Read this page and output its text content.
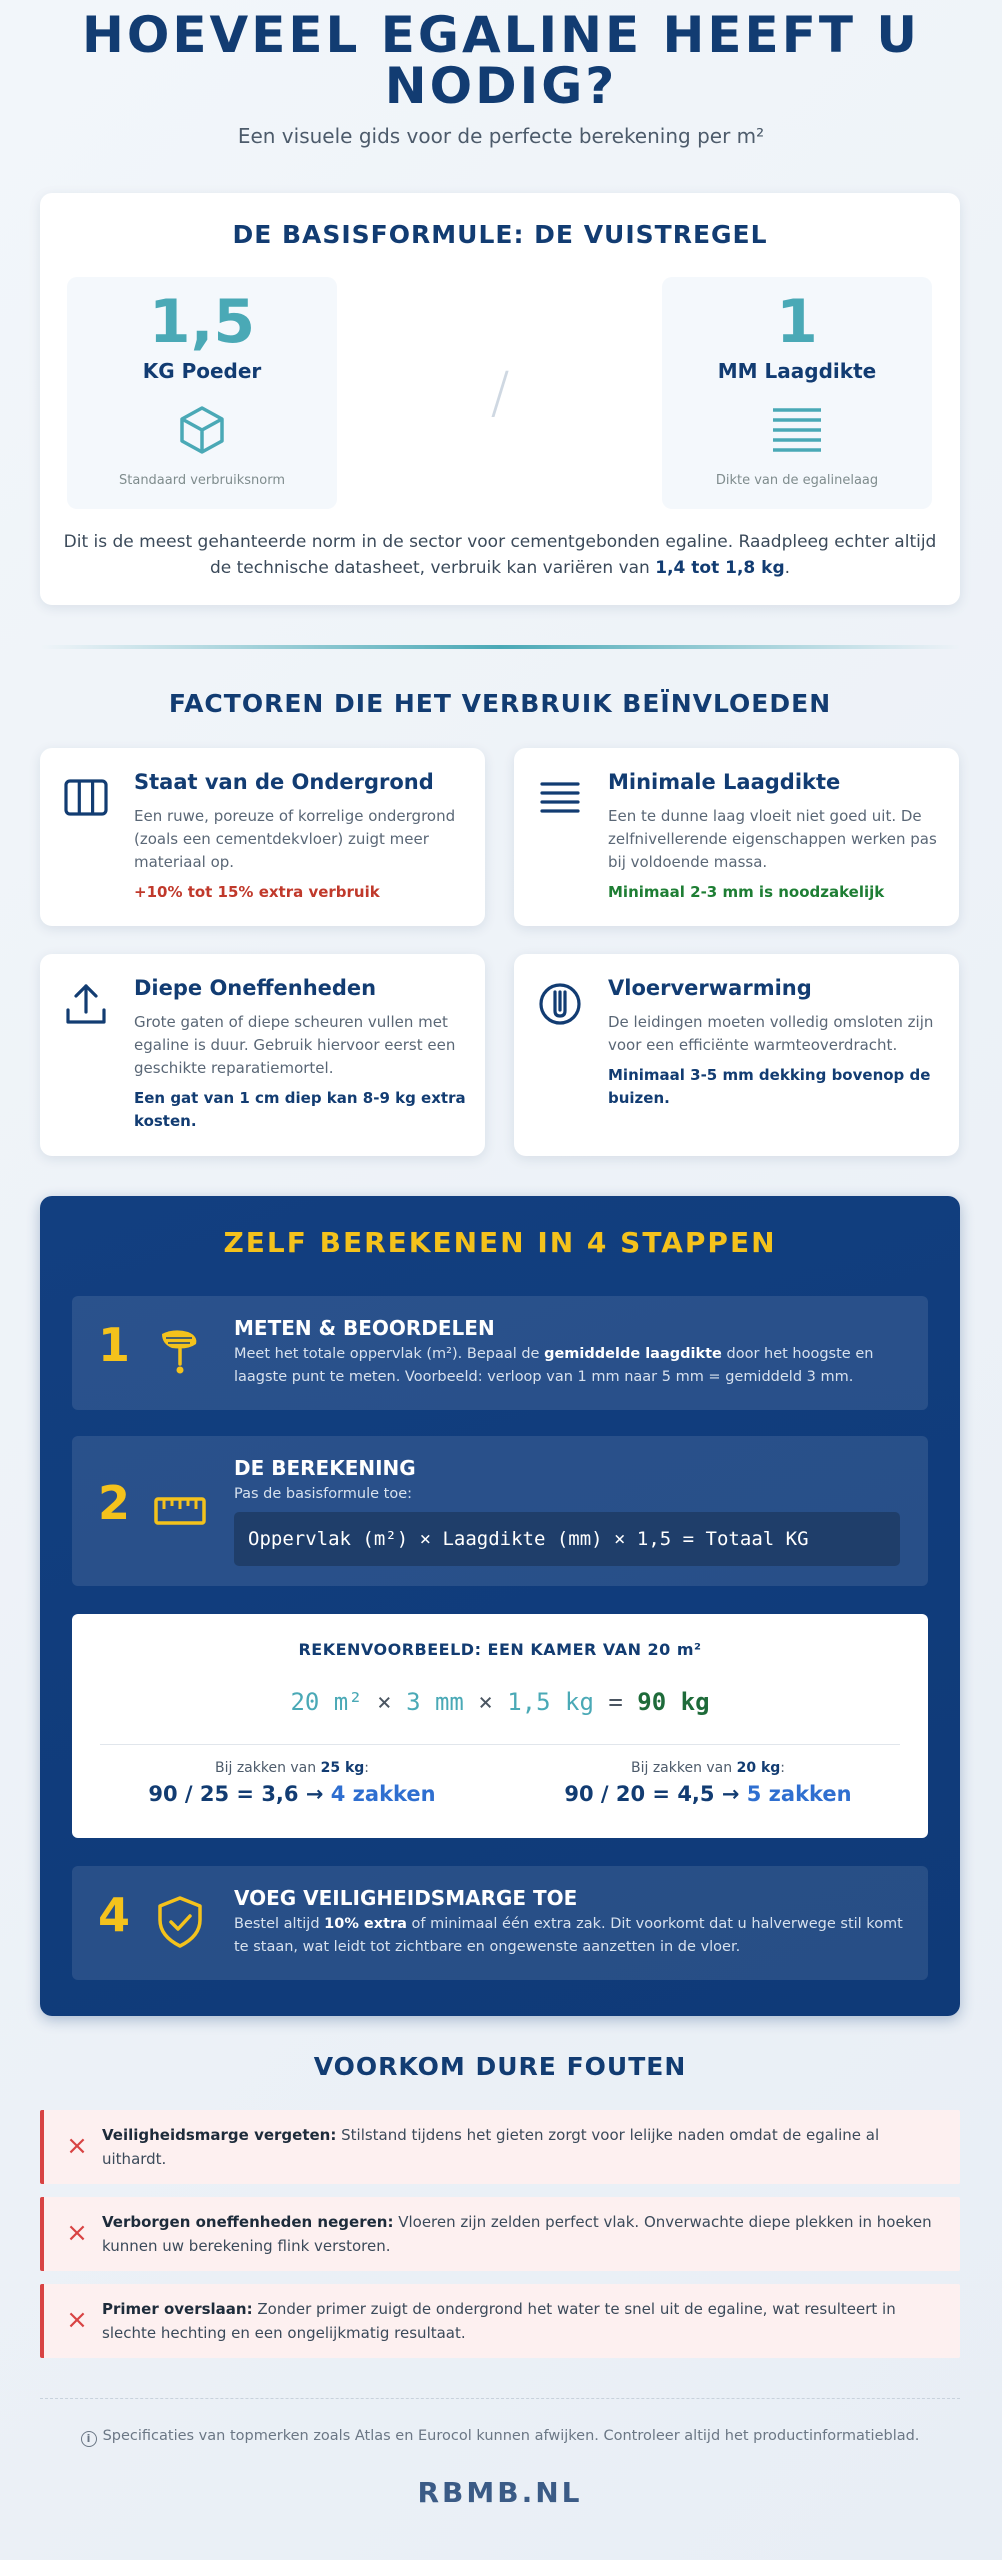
HOEVEEL EGALINE HEEFT U NODIG?
Een visuele gids voor de perfecte berekening per m²
DE BASISFORMULE: DE VUISTREGEL
1,5
KG Poeder
Standaard verbruiksnorm
/
1
MM Laagdikte
Dikte van de egalinelaag

Dit is de meest gehanteerde norm in de sector voor cementgebonden egaline. Raadpleeg echter altijd de technische datasheet, verbruik kan variëren van 1,4 tot 1,8 kg.

FACTOREN DIE HET VERBRUIK BEÏNVLOEDEN
Staat van de Ondergrond
Een ruwe, poreuze of korrelige ondergrond (zoals een cementdekvloer) zuigt meer materiaal op.
+10% tot 15% extra verbruik
Minimale Laagdikte
Een te dunne laag vloeit niet goed uit. De zelfnivellerende eigenschappen werken pas bij voldoende massa.
Minimaal 2-3 mm is noodzakelijk
Diepe Oneffenheden
Grote gaten of diepe scheuren vullen met egaline is duur. Gebruik hiervoor eerst een geschikte reparatiemortel.
Een gat van 1 cm diep kan 8-9 kg extra kosten.
Vloerverwarming
De leidingen moeten volledig omsloten zijn voor een efficiënte warmteoverdracht.
Minimaal 3-5 mm dekking bovenop de buizen.
ZELF BEREKENEN IN 4 STAPPEN
1	METEN & BEOORDELEN
Meet het totale oppervlak (m²). Bepaal de gemiddelde laagdikte door het hoogste en laagste punt te meten. Voorbeeld: verloop van 1 mm naar 5 mm = gemiddeld 3 mm.
2
DE BEREKENING
Pas de basisformule toe:
Oppervlak (m²) × Laagdikte (mm) × 1,5 = Totaal KG
REKENVOORBEELD: EEN KAMER VAN 20 m²
20 m² × 3 mm × 1,5 kg = 90 kg
Bij zakken van 25 kg:
90 / 25 = 3,6 → 4 zakken
Bij zakken van 20 kg:
90 / 20 = 4,5 → 5 zakken
4	VOEG VEILIGHEIDSMARGE TOE
Bestel altijd 10% extra of minimaal één extra zak. Dit voorkomt dat u halverwege stil komt te staan, wat leidt tot zichtbare en ongewenste aanzetten in de vloer.
VOORKOM DURE FOUTEN
× Veiligheidsmarge vergeten: Stilstand tijdens het gieten zorgt voor lelijke naden omdat de egaline al uithardt.
× Verborgen oneffenheden negeren: Vloeren zijn zelden perfect vlak. Onverwachte diepe plekken in hoeken kunnen uw berekening flink verstoren.
× Primer overslaan: Zonder primer zuigt de ondergrond het water te snel uit de egaline, wat resulteert in slechte hechting en een ongelijkmatig resultaat.
i Specificaties van topmerken zoals Atlas en Eurocol kunnen afwijken. Controleer altijd het productinformatieblad.
RBMB.NL
